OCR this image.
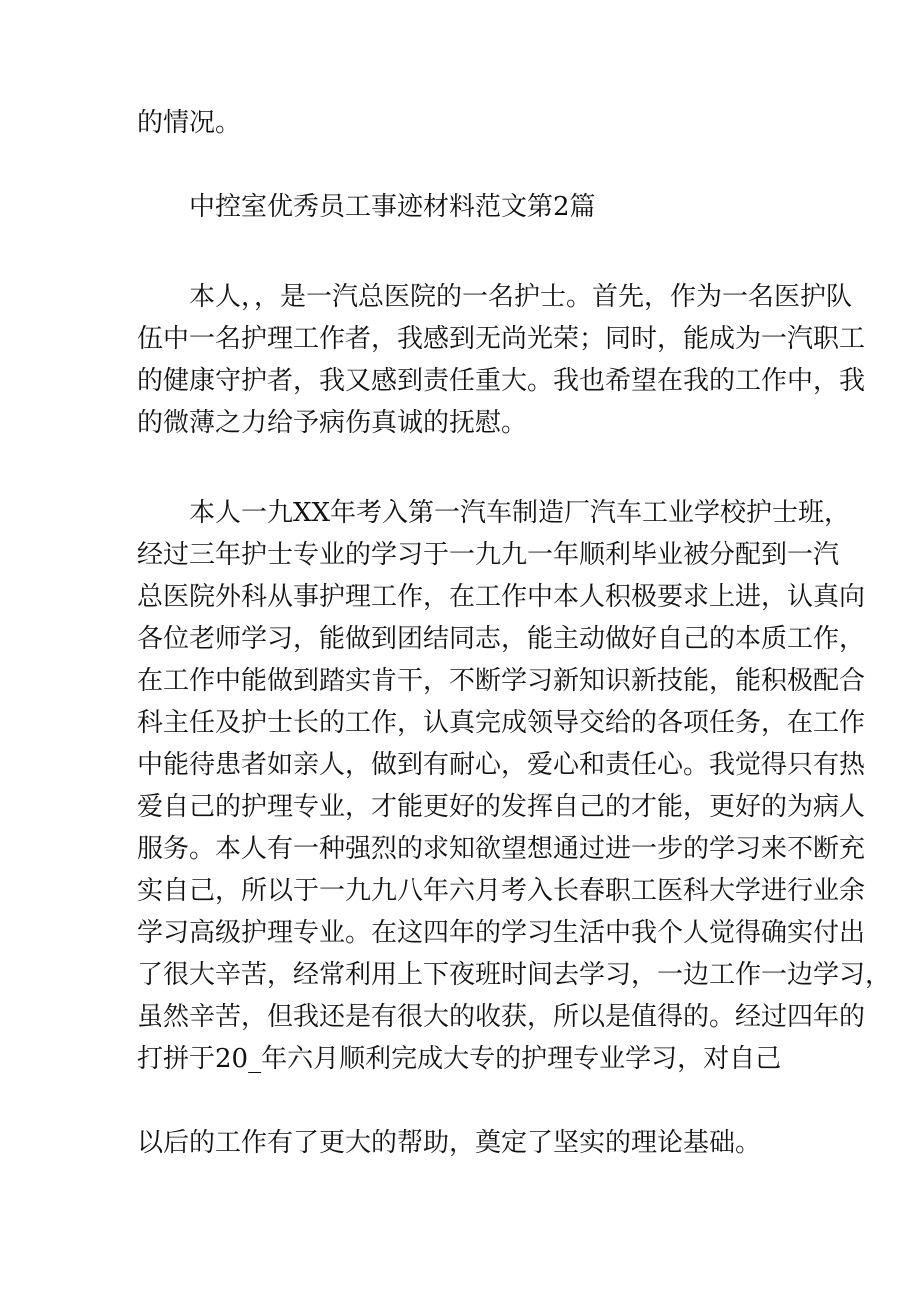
的情况。

中控室优秀员工事迹材料范文第2篇

本人，，是一汽总医院的一名护士。首先，作为一名医护队

伍中一名护理工作者，我感到无尚光荣；同时，能成为一汽职工

的健康守护者，我又感到责任重大。我也希望在我的工作中，我

的微薄之力给予病伤真诚的抚慰。

本人一九XX年考入第一汽车制造厂汽车工业学校护士班，

经过三年护士专业的学习于一九九一年顺利毕业被分配到一汽

总医院外科从事护理工作，在工作中本人积极要求上进，认真向

各位老师学习，能做到团结同志，能主动做好自己的本质工作，

在工作中能做到踏实肯干，不断学习新知识新技能，能积极配合

科主任及护士长的工作，认真完成领导交给的各项任务，在工作

中能待患者如亲人，做到有耐心，爱心和责任心。我觉得只有热

爱自己的护理专业，才能更好的发挥自己的才能，更好的为病人

服务。本人有一种强烈的求知欲望想通过进一步的学习来不断充

实自己，所以于一九九八年六月考入长春职工医科大学进行业余

学习高级护理专业。在这四年的学习生活中我个人觉得确实付出

了很大辛苦，经常利用上下夜班时间去学习，一边工作一边学习，

虽然辛苦，但我还是有很大的收获，所以是值得的。经过四年的

打拼于20_年六月顺利完成大专的护理专业学习，对自己

以后的工作有了更大的帮助，奠定了坚实的理论基础。
